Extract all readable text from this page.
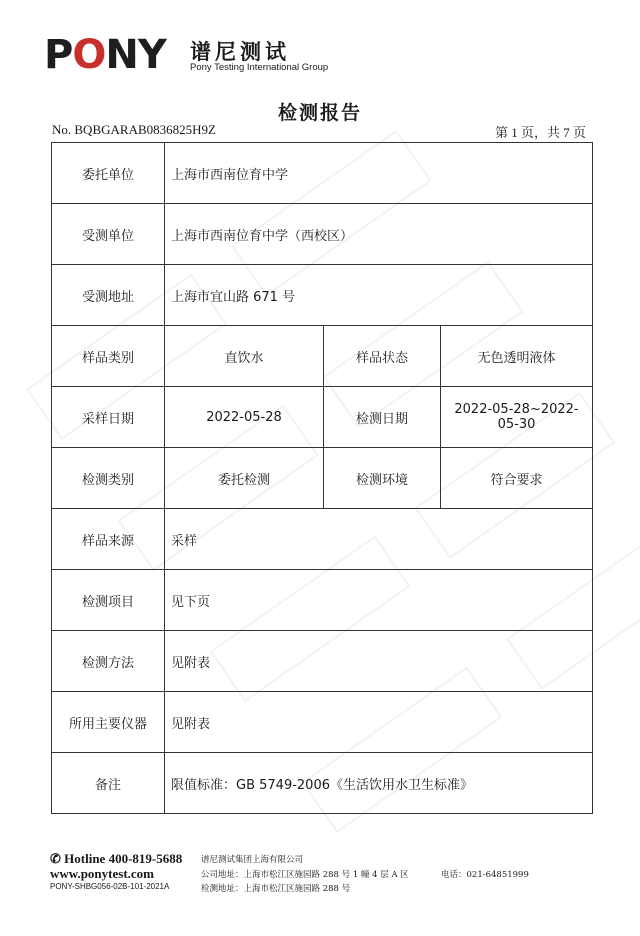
PONY 谱尼测试
Pony Testing International Group
检测报告
No. BQBGARAB0836825H9Z	第 1 页，共 7 页
委托单位	上海市西南位育中学		
受测单位	上海市西南位育中学（西校区）		
受测地址	上海市宜山路 671 号		
样品类别	直饮水	样品状态	无色透明液体
采样日期	2022-05-28	检测日期	2022-05-28~2022-05-30
检测类别	委托检测	检测环境	符合要求
样品来源	采样		
检测项目	见下页		
检测方法	见附表		
所用主要仪器	见附表		
备注	限值标准：GB 5749-2006《生活饮用水卫生标准》		
✆ Hotline 400-819-5688
www.ponytest.com
PONY-SHBG056-02B-101-2021A
谱尼测试集团上海有限公司
公司地址：上海市松江区施园路 288 号 1 幢 4 层 A 区
检测地址：上海市松江区施园路 288 号
电话：021-64851999
